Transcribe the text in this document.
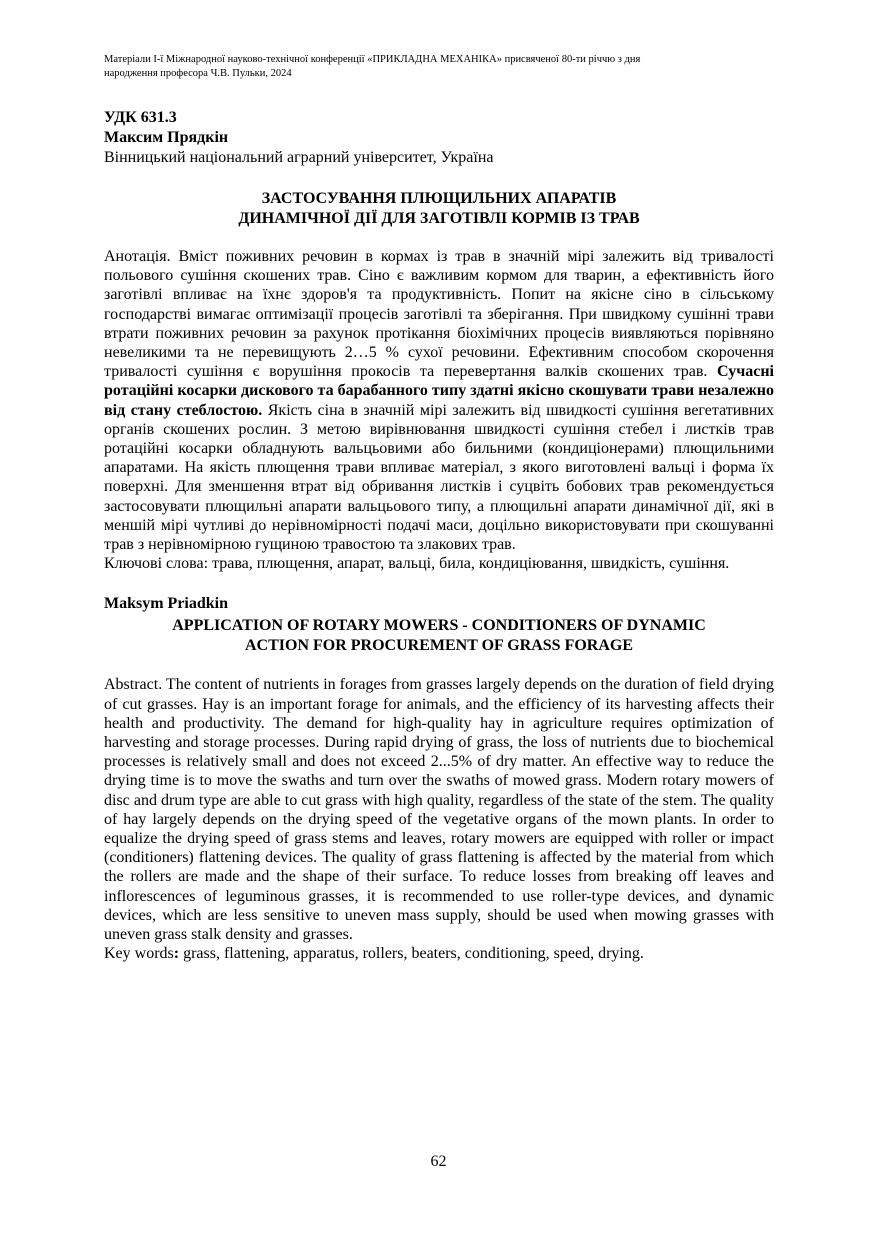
Матеріали І-ї Міжнародної науково-технічної конференції «ПРИКЛАДНА МЕХАНІКА» присвяченої 80-ти річчю з дня
народження професора Ч.В. Пульки, 2024
УДК 631.3
Максим Прядкін
Вінницький національний аграрний університет, Україна
ЗАСТОСУВАННЯ ПЛЮЩИЛЬНИХ АПАРАТІВ
ДИНАМІЧНОЇ ДІЇ ДЛЯ ЗАГОТІВЛІ КОРМІВ ІЗ ТРАВ

Анотація. Вміст поживних речовин в кормах із трав в значній мірі залежить від тривалості польового сушіння скошених трав. Сіно є важливим кормом для тварин, а ефективність його заготівлі впливає на їхнє здоров'я та продуктивність. Попит на якісне сіно в сільському господарстві вимагає оптимізації процесів заготівлі та зберігання. При швидкому сушінні трави втрати поживних речовин за рахунок протікання біохімічних процесів виявляються порівняно невеликими та не перевищують 2…5 % сухої речовини. Ефективним способом скорочення тривалості сушіння є ворушіння прокосів та перевертання валків скошених трав. Сучасні ротаційні косарки дискового та барабанного типу здатні якісно скошувати трави незалежно від стану стеблостою. Якість сіна в значній мірі залежить від швидкості сушіння вегетативних органів скошених рослин. З метою вирівнювання швидкості сушіння стебел і листків трав ротаційні косарки обладнують вальцьовими або бильними (кондиціонерами) плющильними апаратами. На якість плющення трави впливає матеріал, з якого виготовлені вальці і форма їх поверхні. Для зменшення втрат від обривання листків і суцвіть бобових трав рекомендується застосовувати плющильні апарати вальцьового типу, а плющильні апарати динамічної дії, які в меншій мірі чутливі до нерівномірності подачі маси, доцільно використовувати при скошуванні трав з нерівномірною гущиною травостою та злакових трав.

Ключові слова: трава, плющення, апарат, вальці, била, кондиціювання, швидкість, сушіння.

Maksym Priadkin
APPLICATION OF ROTARY MOWERS - CONDITIONERS OF DYNAMIC
ACTION FOR PROCUREMENT OF GRASS FORAGE

Abstract. The content of nutrients in forages from grasses largely depends on the duration of field drying of cut grasses. Hay is an important forage for animals, and the efficiency of its harvesting affects their health and productivity. The demand for high-quality hay in agriculture requires optimization of harvesting and storage processes. During rapid drying of grass, the loss of nutrients due to biochemical processes is relatively small and does not exceed 2...5% of dry matter. An effective way to reduce the drying time is to move the swaths and turn over the swaths of mowed grass. Modern rotary mowers of disc and drum type are able to cut grass with high quality, regardless of the state of the stem. The quality of hay largely depends on the drying speed of the vegetative organs of the mown plants. In order to equalize the drying speed of grass stems and leaves, rotary mowers are equipped with roller or impact (conditioners) flattening devices. The quality of grass flattening is affected by the material from which the rollers are made and the shape of their surface. To reduce losses from breaking off leaves and inflorescences of leguminous grasses, it is recommended to use roller-type devices, and dynamic devices, which are less sensitive to uneven mass supply, should be used when mowing grasses with uneven grass stalk density and grasses.

Key words: grass, flattening, apparatus, rollers, beaters, conditioning, speed, drying.

62
